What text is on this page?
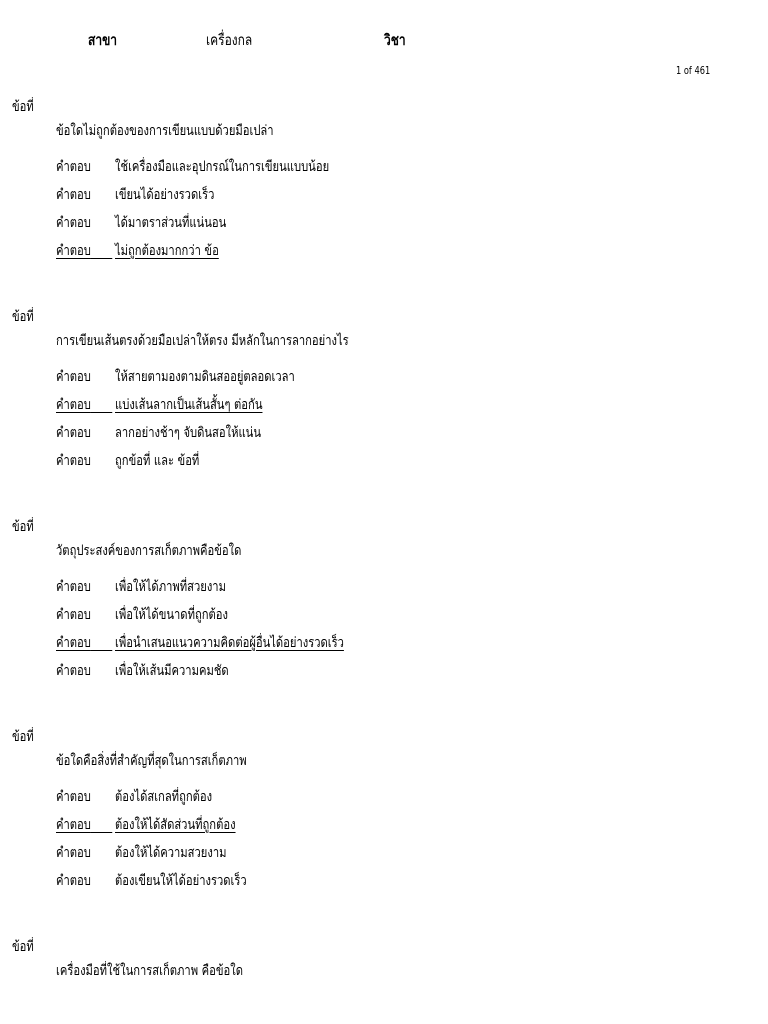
สาขา	เครื่องกล	วิชา
1 of 461
ข้อที่
ข้อใดไม่ถูกต้องของการเขียนแบบด้วยมือเปล่า
คำตอบ	ใช้เครื่องมือและอุปกรณ์ในการเขียนแบบน้อย
คำตอบ	เขียนได้อย่างรวดเร็ว
คำตอบ	ได้มาตราส่วนที่แน่นอน
คำตอบ	ไม่ถูกต้องมากกว่า ข้อ
ข้อที่
การเขียนเส้นตรงด้วยมือเปล่าให้ตรง มีหลักในการลากอย่างไร
คำตอบ	ให้สายตามองตามดินสออยู่ตลอดเวลา
คำตอบ	แบ่งเส้นลากเป็นเส้นสั้นๆ ต่อกัน
คำตอบ	ลากอย่างช้าๆ จับดินสอให้แน่น
คำตอบ	ถูกข้อที่ และ ข้อที่
ข้อที่
วัตถุประสงค์ของการสเก็ตภาพคือข้อใด
คำตอบ	เพื่อให้ได้ภาพที่สวยงาม
คำตอบ	เพื่อให้ได้ขนาดที่ถูกต้อง
คำตอบ	เพื่อนำเสนอแนวความคิดต่อผู้อื่นได้อย่างรวดเร็ว
คำตอบ	เพื่อให้เส้นมีความคมชัด
ข้อที่
ข้อใดคือสิ่งที่สำคัญที่สุดในการสเก็ตภาพ
คำตอบ	ต้องได้สเกลที่ถูกต้อง
คำตอบ	ต้องให้ได้สัดส่วนที่ถูกต้อง
คำตอบ	ต้องให้ได้ความสวยงาม
คำตอบ	ต้องเขียนให้ได้อย่างรวดเร็ว
ข้อที่
เครื่องมือที่ใช้ในการสเก็ตภาพ คือข้อใด
